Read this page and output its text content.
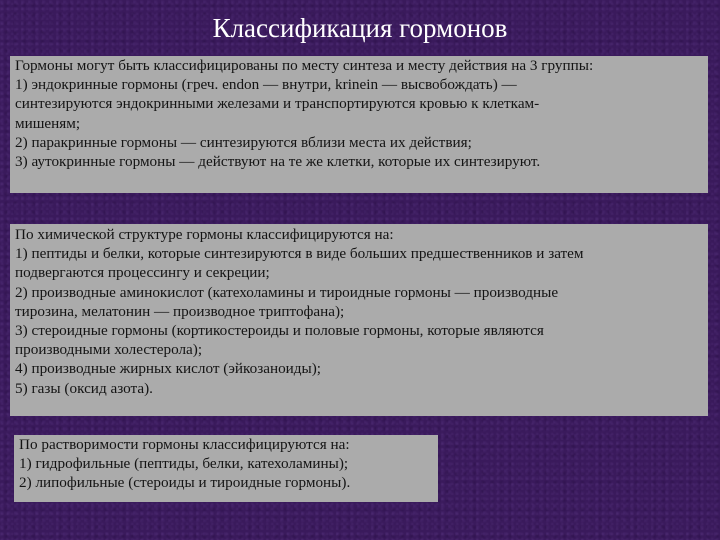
Классификация гормонов

Гормоны могут быть классифицированы по месту синтеза и месту действия на 3 группы:

1) эндокринные гормоны (греч. endon — внутри, krinein — высвобождать) —

синтезируются эндокринными железами и транспортируются кровью к клеткам-

мишеням;

2) паракринные гормоны — синтезируются вблизи места их действия;

3) аутокринные гормоны — действуют на те же клетки, которые их синтезируют.

По химической структуре гормоны классифицируются на:

1) пептиды и белки, которые синтезируются в виде больших предшественников и затем

подвергаются процессингу и секреции;

2) производные аминокислот (катехоламины и тироидные гормоны — производные

тирозина, мелатонин — производное триптофана);

3) стероидные гормоны (кортикостероиды и половые гормоны, которые являются

производными холестерола);

4) производные жирных кислот (эйкозаноиды);

5) газы (оксид азота).

По растворимости гормоны классифицируются на:

1) гидрофильные (пептиды, белки, катехоламины);

2) липофильные (стероиды и тироидные гормоны).
